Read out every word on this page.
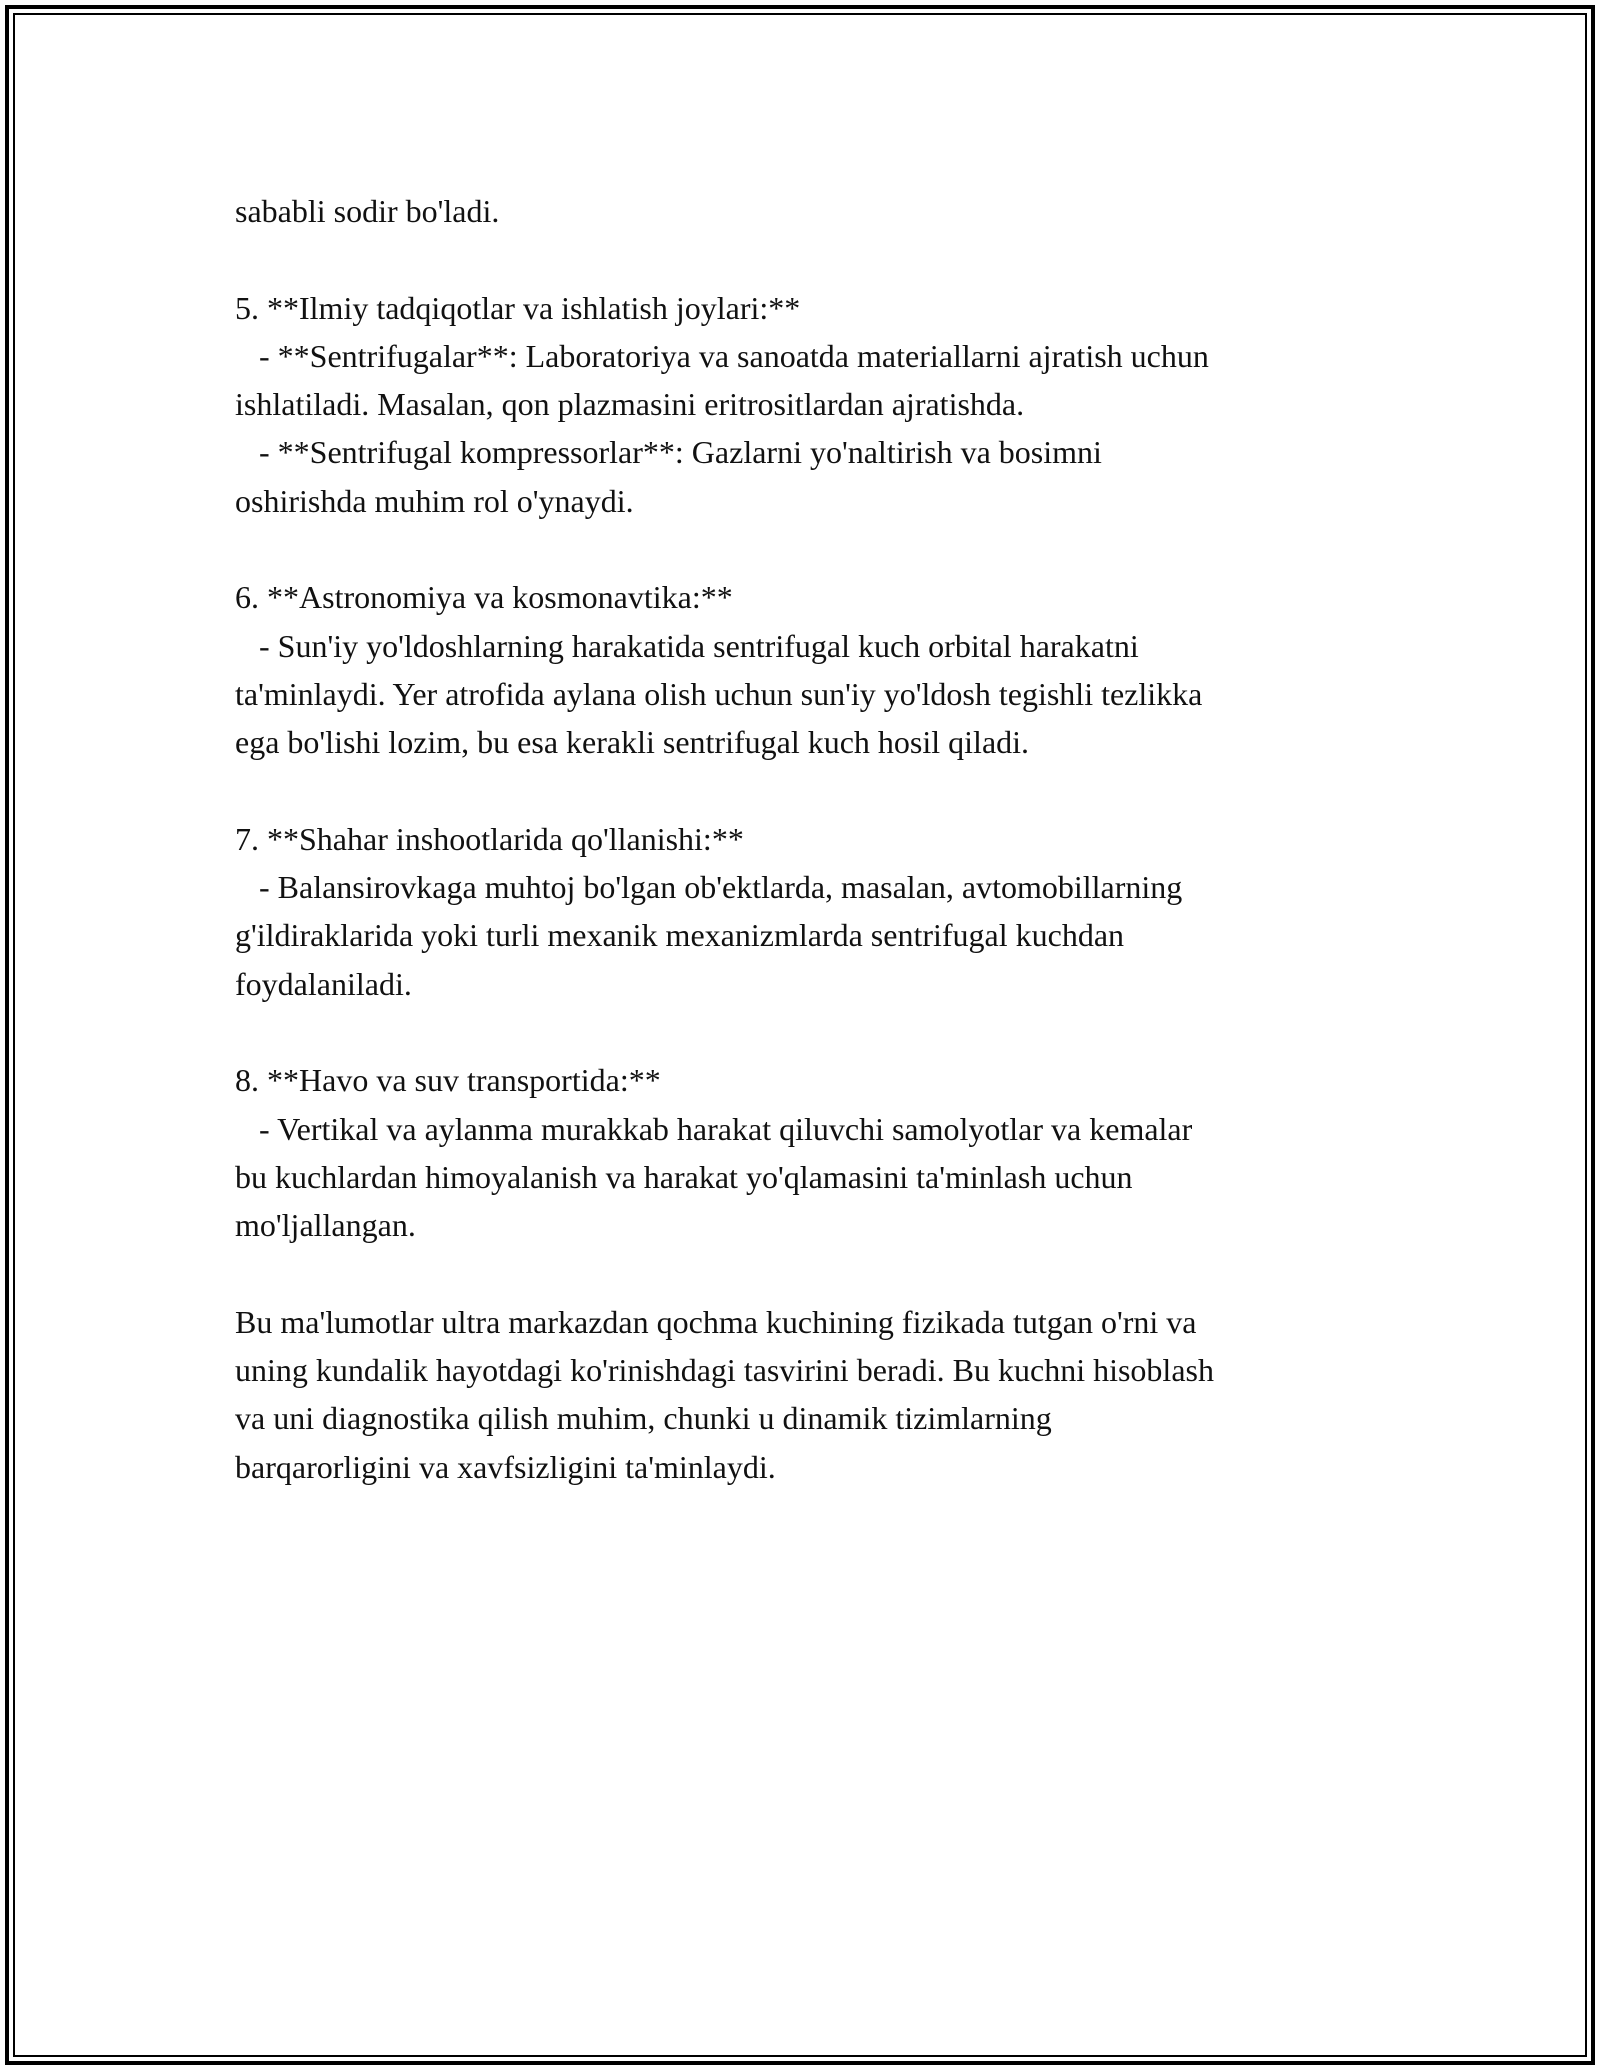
sababli sodir bo'ladi.

5. **Ilmiy tadqiqotlar va ishlatish joylari:**

- **Sentrifugalar**: Laboratoriya va sanoatda materiallarni ajratish uchun

ishlatiladi. Masalan, qon plazmasini eritrositlardan ajratishda.

- **Sentrifugal kompressorlar**: Gazlarni yo'naltirish va bosimni

oshirishda muhim rol o'ynaydi.

6. **Astronomiya va kosmonavtika:**

- Sun'iy yo'ldoshlarning harakatida sentrifugal kuch orbital harakatni

ta'minlaydi. Yer atrofida aylana olish uchun sun'iy yo'ldosh tegishli tezlikka

ega bo'lishi lozim, bu esa kerakli sentrifugal kuch hosil qiladi.

7. **Shahar inshootlarida qo'llanishi:**

- Balansirovkaga muhtoj bo'lgan ob'ektlarda, masalan, avtomobillarning

g'ildiraklarida yoki turli mexanik mexanizmlarda sentrifugal kuchdan

foydalaniladi.

8. **Havo va suv transportida:**

- Vertikal va aylanma murakkab harakat qiluvchi samolyotlar va kemalar

bu kuchlardan himoyalanish va harakat yo'qlamasini ta'minlash uchun

mo'ljallangan.

Bu ma'lumotlar ultra markazdan qochma kuchining fizikada tutgan o'rni va

uning kundalik hayotdagi ko'rinishdagi tasvirini beradi. Bu kuchni hisoblash

va uni diagnostika qilish muhim, chunki u dinamik tizimlarning

barqarorligini va xavfsizligini ta'minlaydi.
